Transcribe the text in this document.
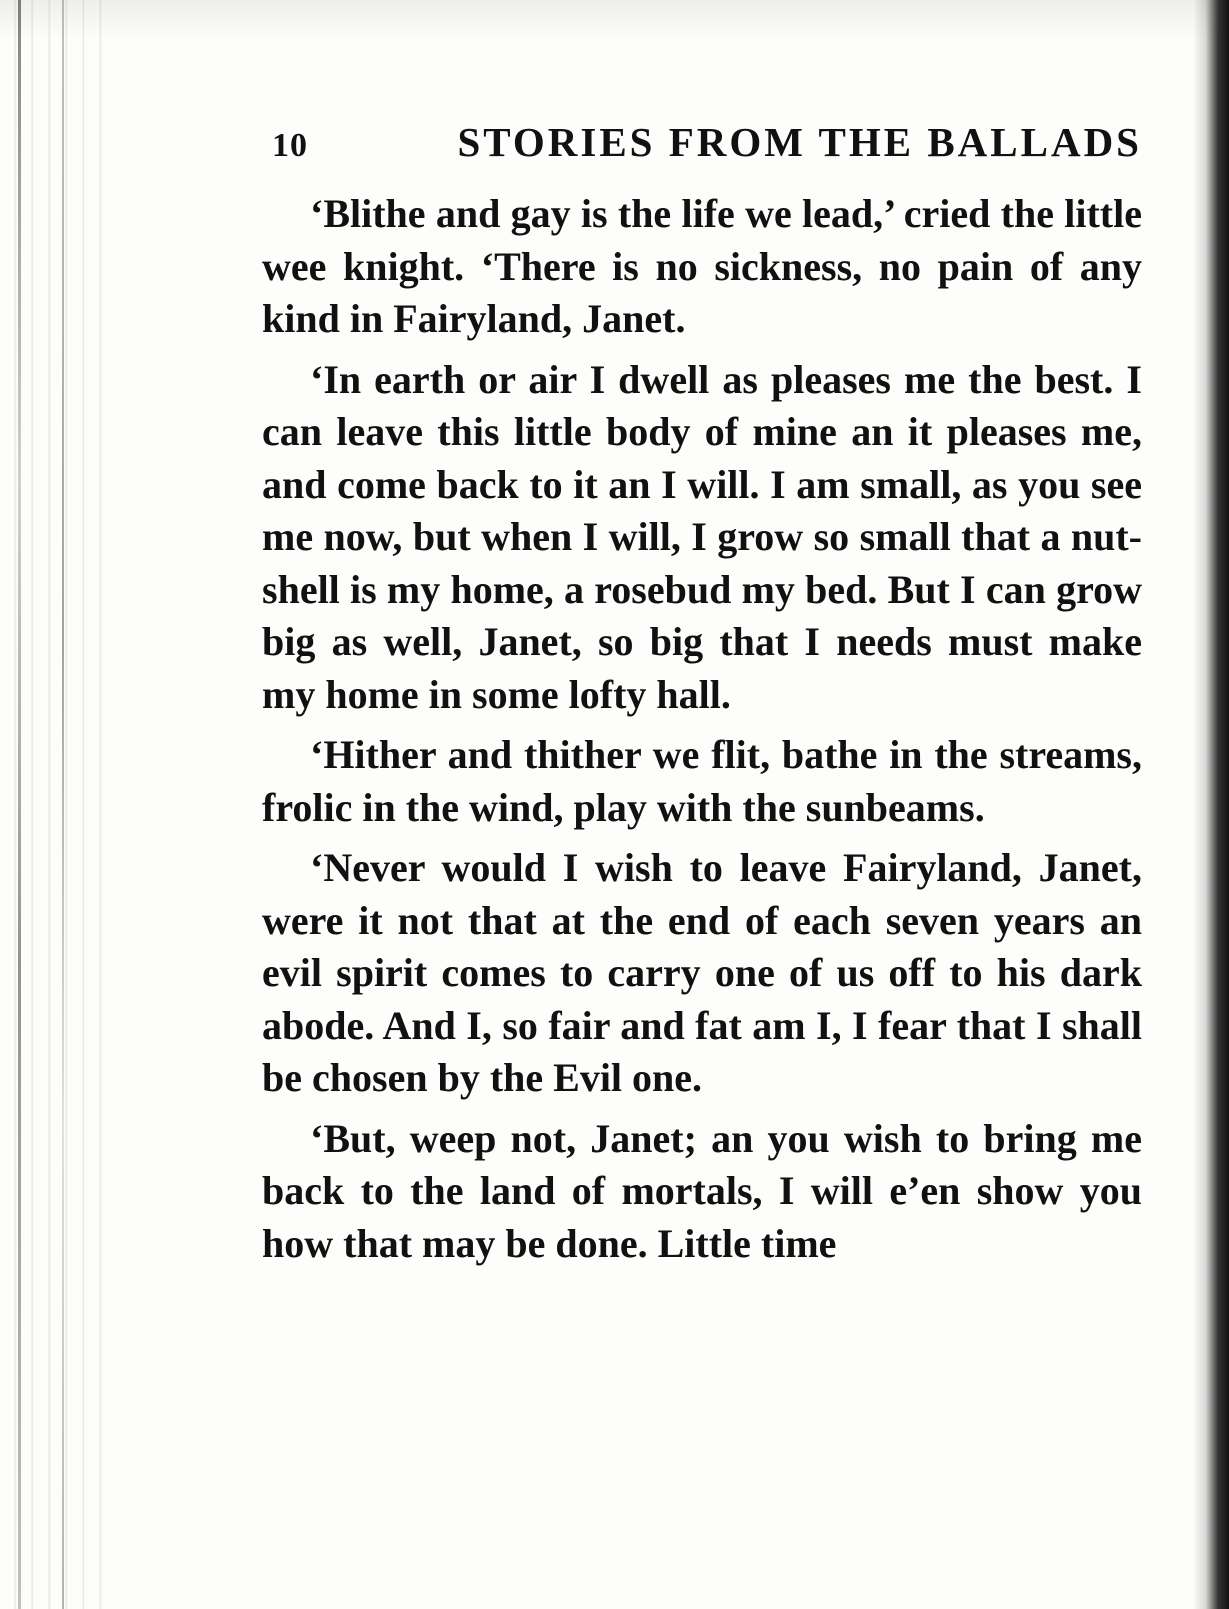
10	STORIES FROM THE BALLADS

‘Blithe and gay is the life we lead,’ cried the little wee knight. ‘There is no sickness, no pain of any kind in Fairyland, Janet.

‘In earth or air I dwell as pleases me the best. I can leave this little body of mine an it pleases me, and come back to it an I will. I am small, as you see me now, but when I will, I grow so small that a nut-shell is my home, a rosebud my bed. But I can grow big as well, Janet, so big that I needs must make my home in some lofty hall.

‘Hither and thither we flit, bathe in the streams, frolic in the wind, play with the sunbeams.

‘Never would I wish to leave Fairyland, Janet, were it not that at the end of each seven years an evil spirit comes to carry one of us off to his dark abode. And I, so fair and fat am I, I fear that I shall be chosen by the Evil one.

‘But, weep not, Janet; an you wish to bring me back to the land of mortals, I will e’en show you how that may be done. Little time
